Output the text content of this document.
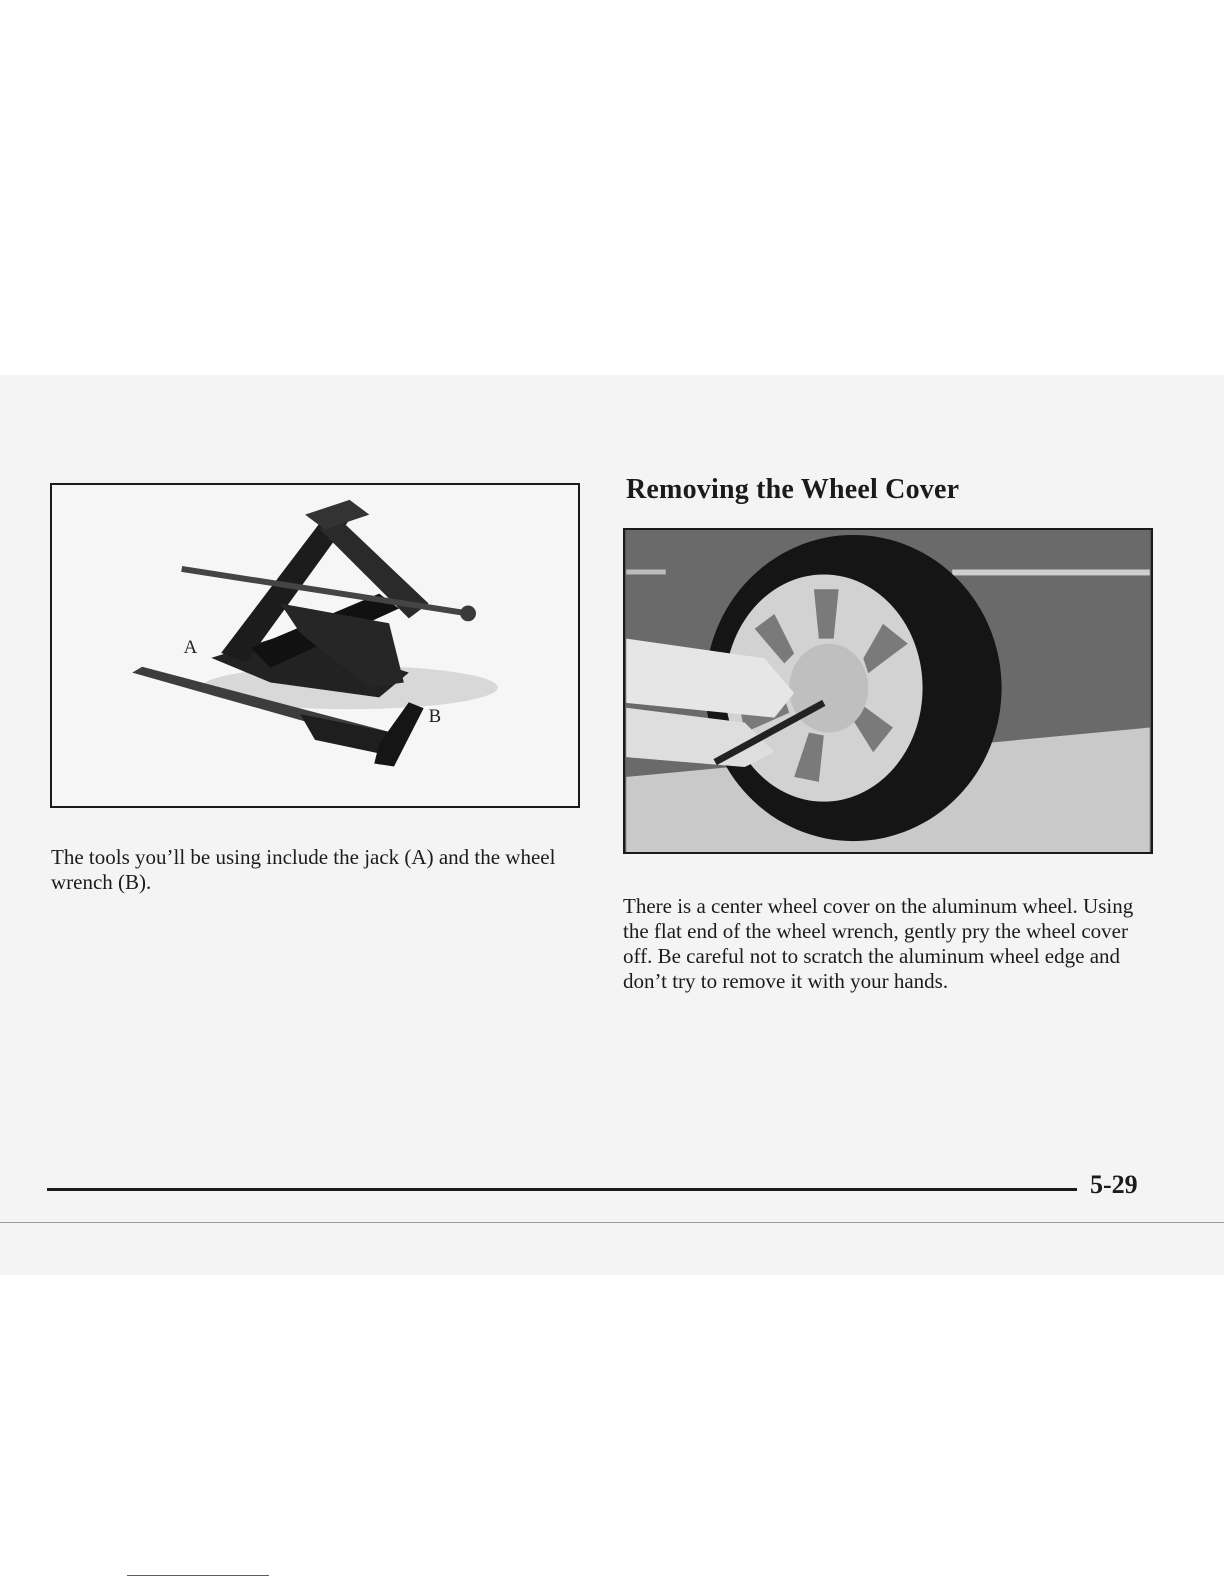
A
B

The tools you’ll be using include the jack (A) and the wheel wrench (B).

Removing the Wheel Cover

There is a center wheel cover on the aluminum wheel. Using the flat end of the wheel wrench, gently pry the wheel cover off. Be careful not to scratch the aluminum wheel edge and don’t try to remove it with your hands.

5-29
